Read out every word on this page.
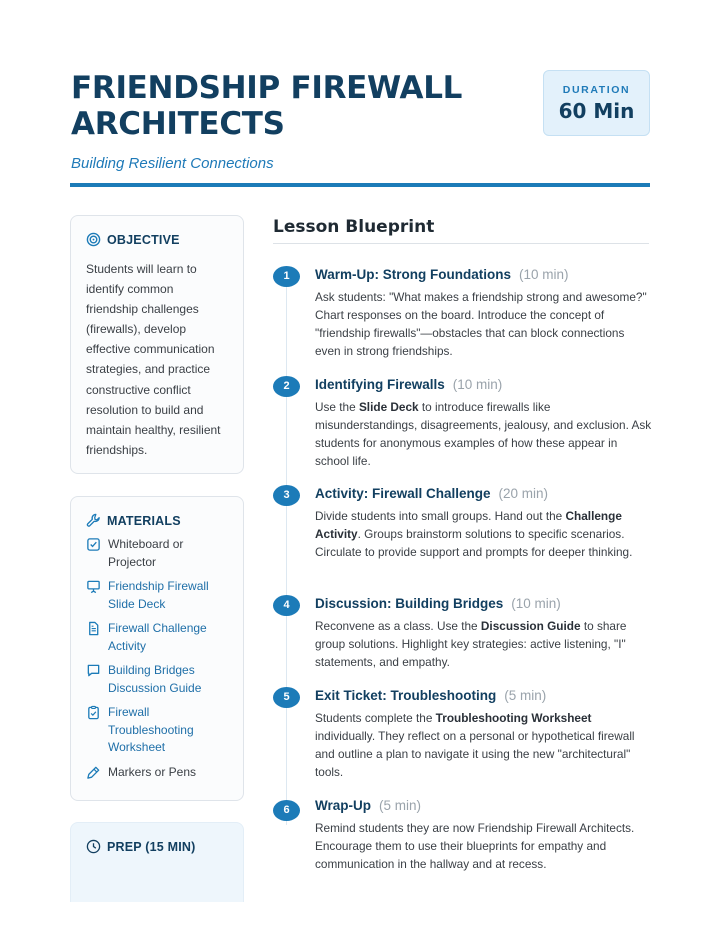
FRIENDSHIP FIREWALL ARCHITECTS
Building Resilient Connections
DURATION
60 Min
OBJECTIVE

Students will learn to identify common friendship challenges (firewalls), develop effective communication strategies, and practice constructive conflict resolution to build and maintain healthy, resilient friendships.

MATERIALS
Whiteboard or Projector
Friendship Firewall Slide Deck
Firewall Challenge Activity
Building Bridges Discussion Guide
Firewall Troubleshooting Worksheet
Markers or Pens
PREP (15 MIN)
Lesson Blueprint
1	Warm-Up: Strong Foundations (10 min)
Ask students: "What makes a friendship strong and awesome?" Chart responses on the board. Introduce the concept of "friendship firewalls"—obstacles that can block connections even in strong friendships.
2	Identifying Firewalls (10 min)
Use the Slide Deck to introduce firewalls like misunderstandings, disagreements, jealousy, and exclusion. Ask students for anonymous examples of how these appear in school life.
3	Activity: Firewall Challenge (20 min)
Divide students into small groups. Hand out the Challenge Activity. Groups brainstorm solutions to specific scenarios. Circulate to provide support and prompts for deeper thinking.
4	Discussion: Building Bridges (10 min)
Reconvene as a class. Use the Discussion Guide to share group solutions. Highlight key strategies: active listening, "I" statements, and empathy.
5	Exit Ticket: Troubleshooting (5 min)
Students complete the Troubleshooting Worksheet individually. They reflect on a personal or hypothetical firewall and outline a plan to navigate it using the new "architectural" tools.
6	Wrap-Up (5 min)
Remind students they are now Friendship Firewall Architects. Encourage them to use their blueprints for empathy and communication in the hallway and at recess.
